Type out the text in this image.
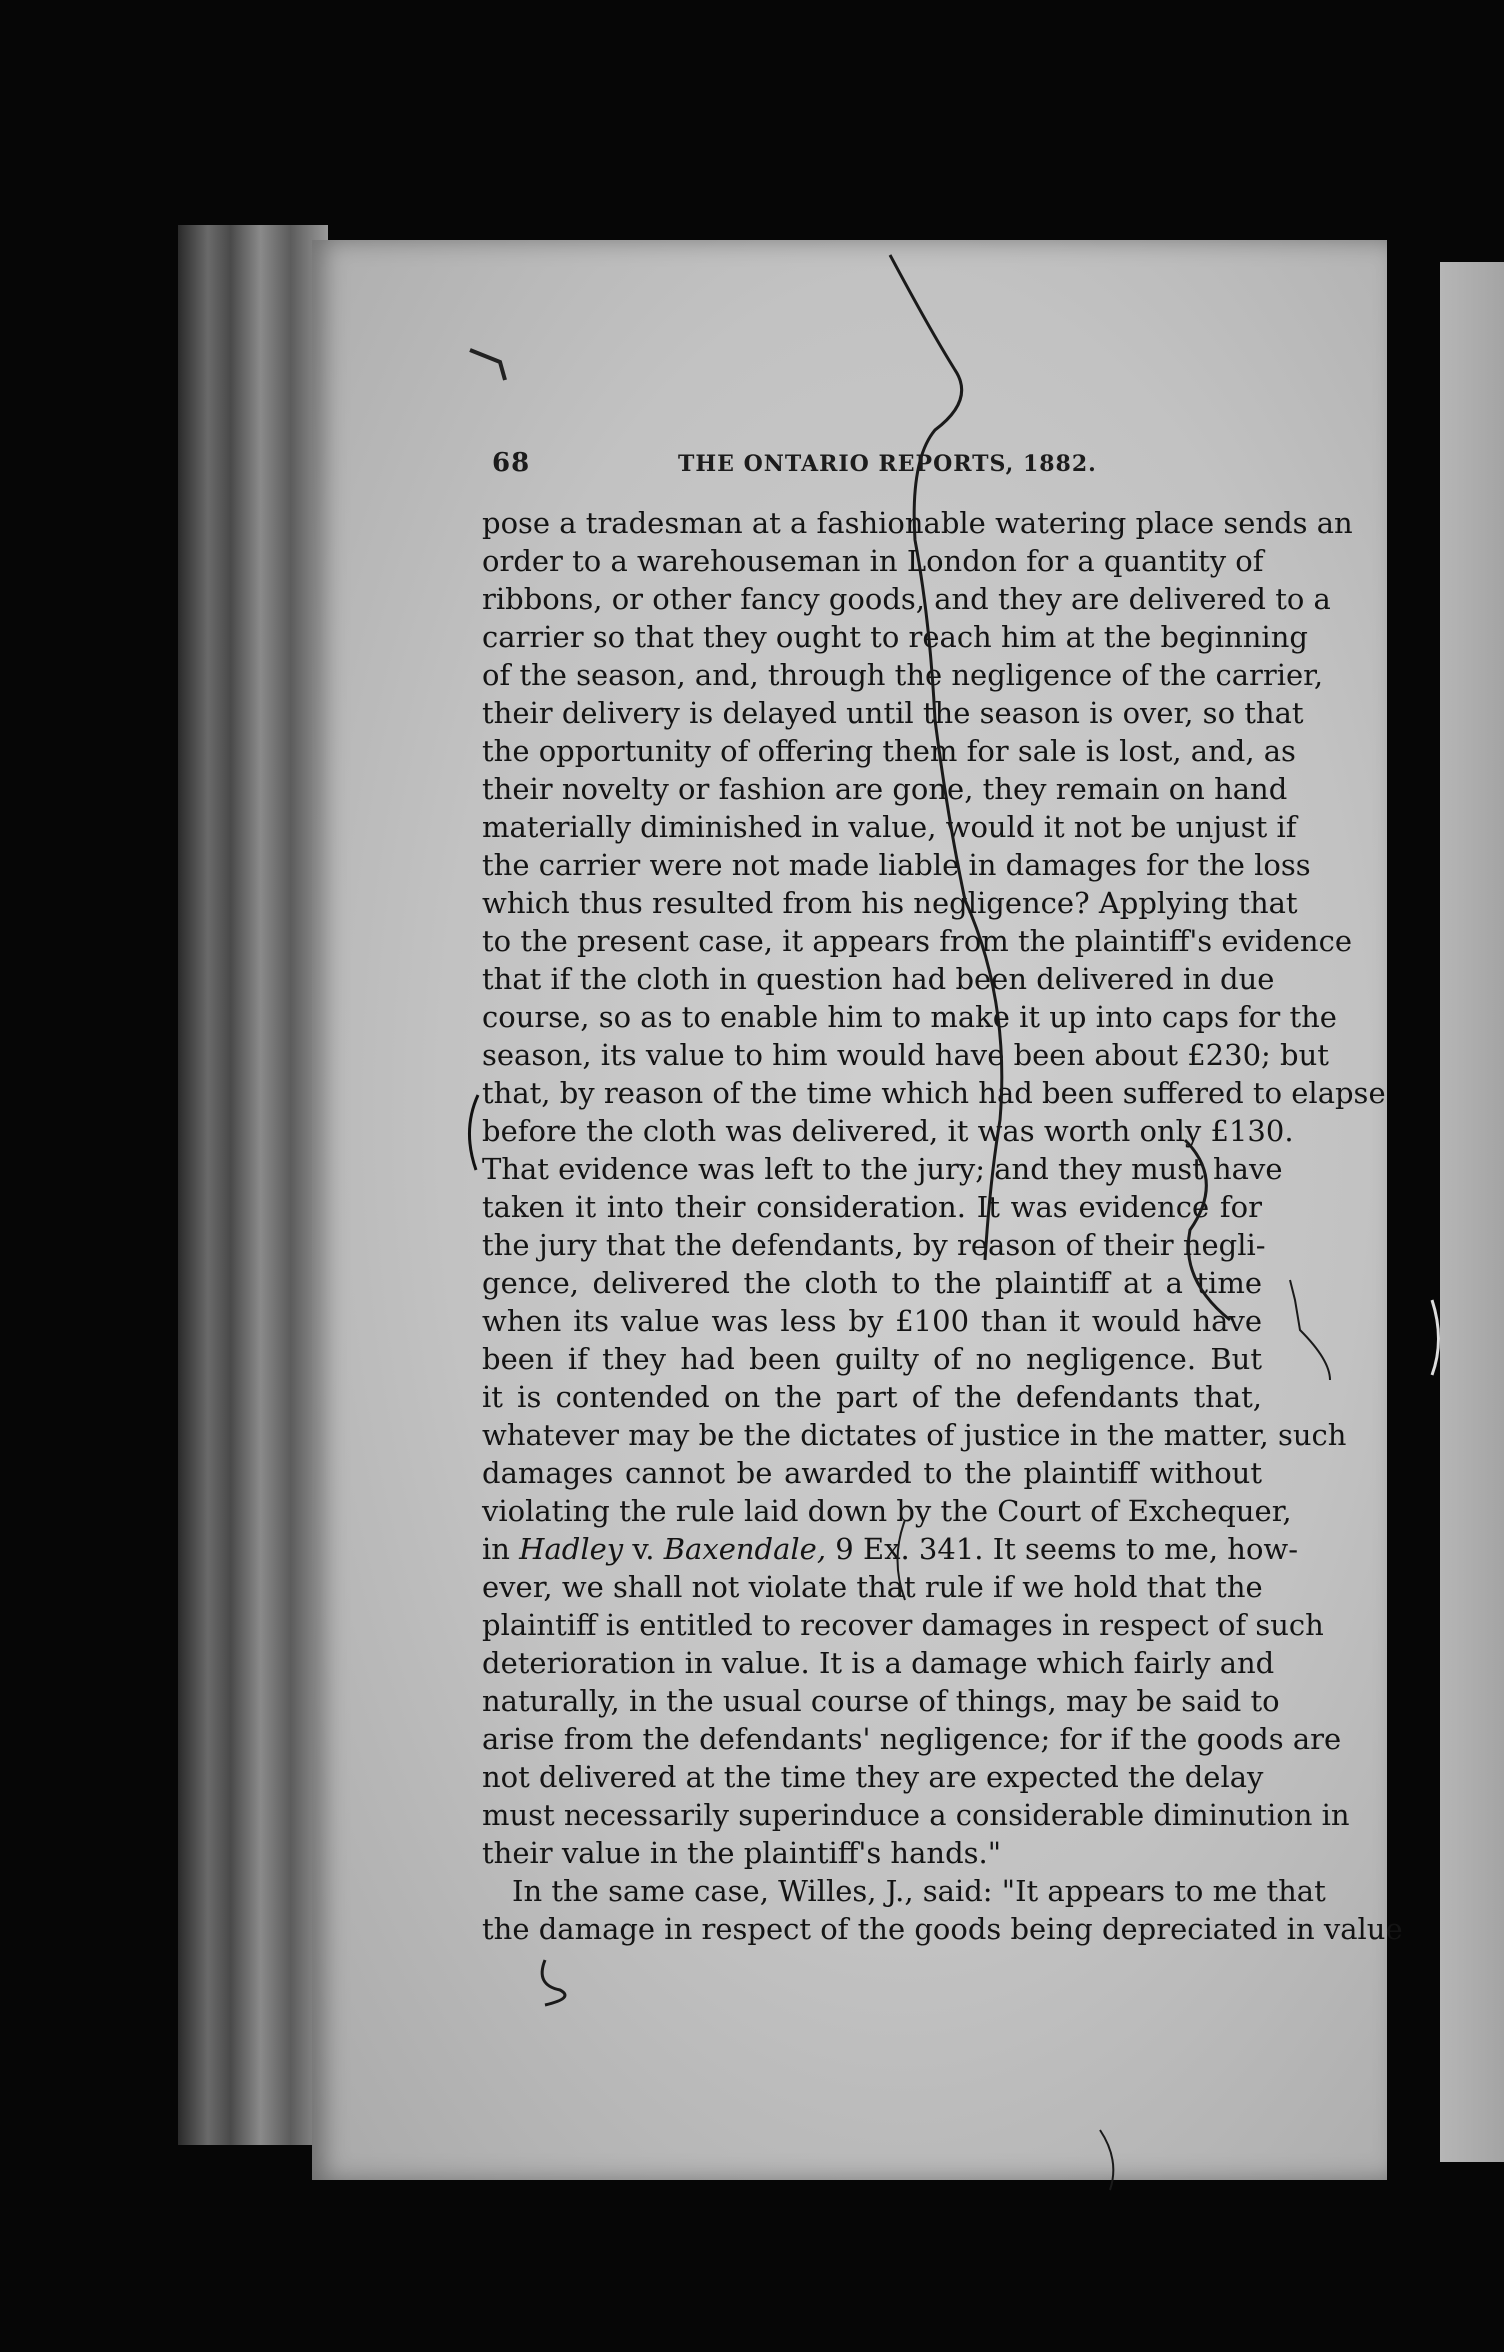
68	THE ONTARIO REPORTS, 1882.
pose a tradesman at a fashionable watering place sends an
order to a warehouseman in London for a quantity of
ribbons, or other fancy goods, and they are delivered to a
carrier so that they ought to reach him at the beginning
of the season, and, through the negligence of the carrier,
their delivery is delayed until the season is over, so that
the opportunity of offering them for sale is lost, and, as
their novelty or fashion are gone, they remain on hand
materially diminished in value, would it not be unjust if
the carrier were not made liable in damages for the loss
which thus resulted from his negligence? Applying that
to the present case, it appears from the plaintiff's evidence
that if the cloth in question had been delivered in due
course, so as to enable him to make it up into caps for the
season, its value to him would have been about £230; but
that, by reason of the time which had been suffered to elapse
before the cloth was delivered, it was worth only £130.
That evidence was left to the jury; and they must have
taken it into their consideration. It was evidence for
the jury that the defendants, by reason of their negli-
gence, delivered the cloth to the plaintiff at a time
when its value was less by £100 than it would have
been if they had been guilty of no negligence. But
it is contended on the part of the defendants that,
whatever may be the dictates of justice in the matter, such
damages cannot be awarded to the plaintiff without
violating the rule laid down by the Court of Exchequer,
in Hadley v. Baxendale, 9 Ex. 341. It seems to me, how-
ever, we shall not violate that rule if we hold that the
plaintiff is entitled to recover damages in respect of such
deterioration in value. It is a damage which fairly and
naturally, in the usual course of things, may be said to
arise from the defendants' negligence; for if the goods are
not delivered at the time they are expected the delay
must necessarily superinduce a considerable diminution in
their value in the plaintiff's hands."
In the same case, Willes, J., said: "It appears to me that
the damage in respect of the goods being depreciated in value
